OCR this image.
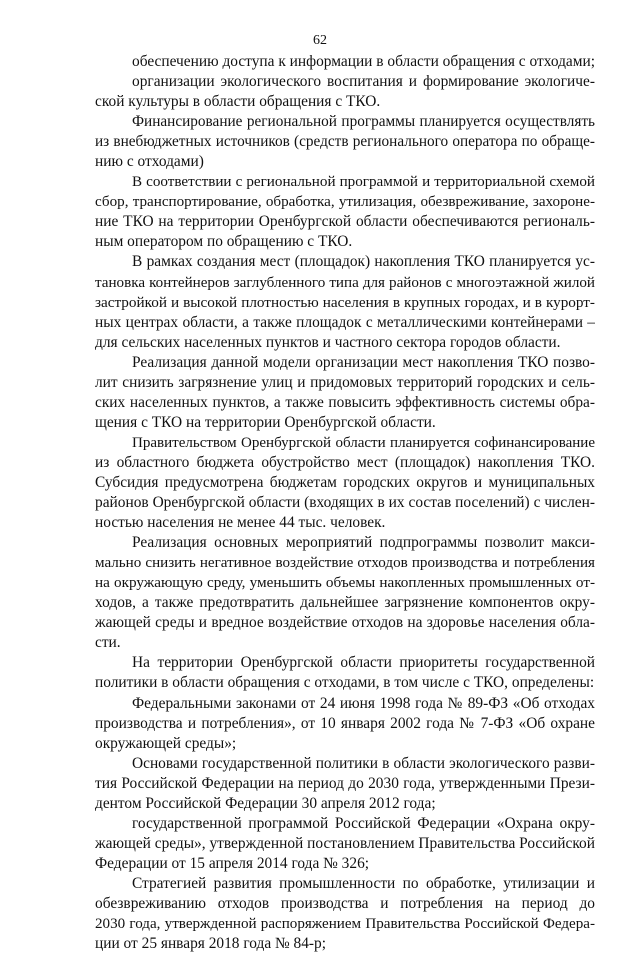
62
обеспечению доступа к информации в области обращения с отходами;
организации экологического воспитания и формирование экологиче-
ской культуры в области обращения с ТКО.
Финансирование региональной программы планируется осуществлять
из внебюджетных источников (средств регионального оператора по обраще-
нию с отходами)
В соответствии с региональной программой и территориальной схемой
сбор, транспортирование, обработка, утилизация, обезвреживание, захороне-
ние ТКО на территории Оренбургской области обеспечиваются региональ-
ным оператором по обращению с ТКО.
В рамках создания мест (площадок) накопления ТКО планируется ус-
тановка контейнеров заглубленного типа для районов с многоэтажной жилой
застройкой и высокой плотностью населения в крупных городах, и в курорт-
ных центрах области, а также площадок с металлическими контейнерами –
для сельских населенных пунктов и частного сектора городов области.
Реализация данной модели организации мест накопления ТКО позво-
лит снизить загрязнение улиц и придомовых территорий городских и сель-
ских населенных пунктов, а также повысить эффективность системы обра-
щения с ТКО на территории Оренбургской области.
Правительством Оренбургской области планируется софинансирование
из областного бюджета обустройство мест (площадок) накопления ТКО.
Субсидия предусмотрена бюджетам городских округов и муниципальных
районов Оренбургской области (входящих в их состав поселений) с числен-
ностью населения не менее 44 тыс. человек.
Реализация основных мероприятий подпрограммы позволит макси-
мально снизить негативное воздействие отходов производства и потребления
на окружающую среду, уменьшить объемы накопленных промышленных от-
ходов, а также предотвратить дальнейшее загрязнение компонентов окру-
жающей среды и вредное воздействие отходов на здоровье населения обла-
сти.
На территории Оренбургской области приоритеты государственной
политики в области обращения с отходами, в том числе с ТКО, определены:
Федеральными законами от 24 июня 1998 года № 89-ФЗ «Об отходах
производства и потребления», от 10 января 2002 года № 7-ФЗ «Об охране
окружающей среды»;
Основами государственной политики в области экологического разви-
тия Российской Федерации на период до 2030 года, утвержденными Прези-
дентом Российской Федерации 30 апреля 2012 года;
государственной программой Российской Федерации «Охрана окру-
жающей среды», утвержденной постановлением Правительства Российской
Федерации от 15 апреля 2014 года № 326;
Стратегией развития промышленности по обработке, утилизации и
обезвреживанию отходов производства и потребления на период до
2030 года, утвержденной распоряжением Правительства Российской Федера-
ции от 25 января 2018 года № 84-р;
